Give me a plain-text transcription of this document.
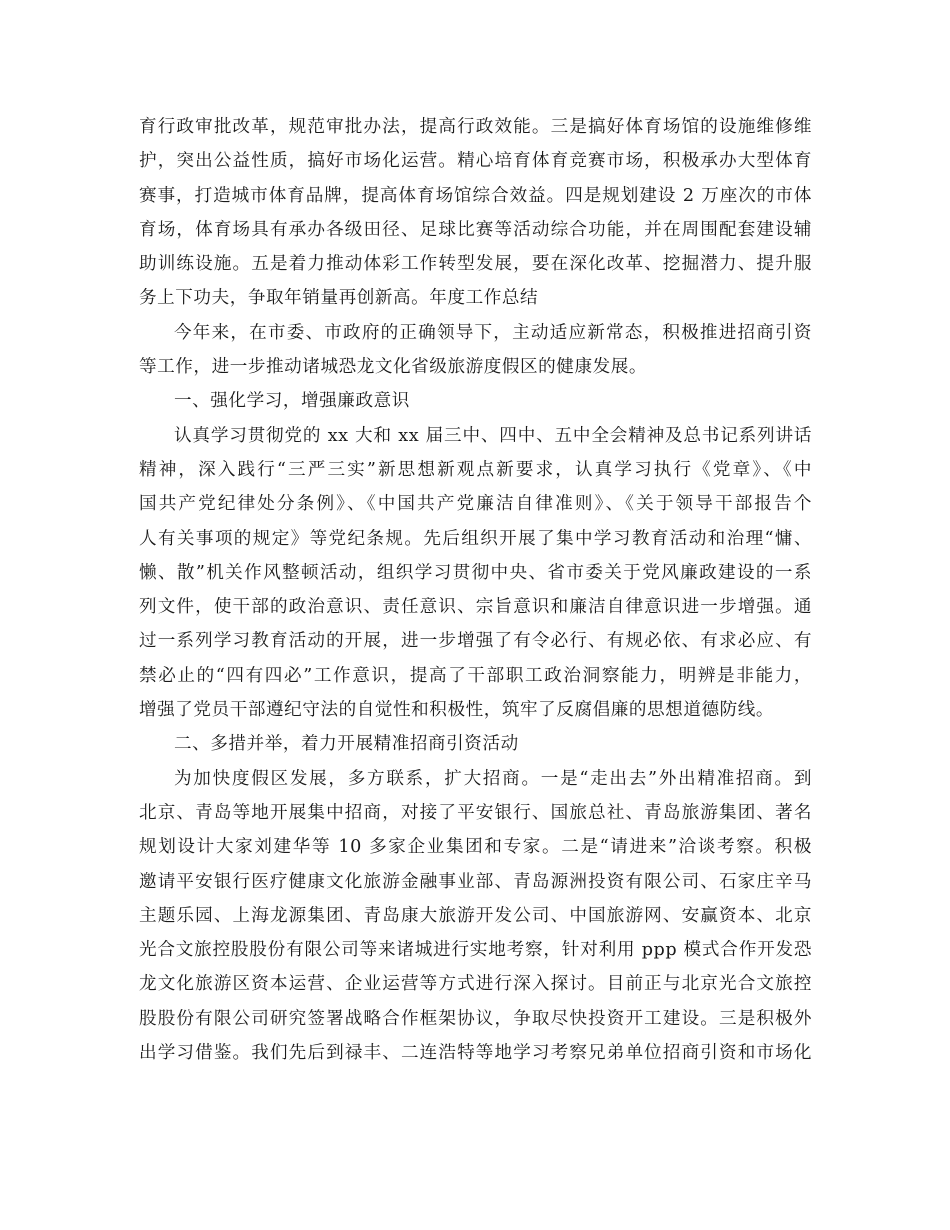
育行政审批改革，规范审批办法，提高行政效能。三是搞好体育场馆的设施维修维
护，突出公益性质，搞好市场化运营。精心培育体育竞赛市场，积极承办大型体育
赛事，打造城市体育品牌，提高体育场馆综合效益。四是规划建设 2 万座次的市体
育场，体育场具有承办各级田径、足球比赛等活动综合功能，并在周围配套建设辅
助训练设施。五是着力推动体彩工作转型发展，要在深化改革、挖掘潜力、提升服
务上下功夫，争取年销量再创新高。年度工作总结
今年来，在市委、市政府的正确领导下，主动适应新常态，积极推进招商引资
等工作，进一步推动诸城恐龙文化省级旅游度假区的健康发展。
一、强化学习，增强廉政意识
认真学习贯彻党的 xx 大和 xx 届三中、四中、五中全会精神及总书记系列讲话
精神，深入践行“三严三实”新思想新观点新要求，认真学习执行《党章》、《中
国共产党纪律处分条例》、《中国共产党廉洁自律准则》、《关于领导干部报告个
人有关事项的规定》等党纪条规。先后组织开展了集中学习教育活动和治理“慵、
懒、散”机关作风整顿活动，组织学习贯彻中央、省市委关于党风廉政建设的一系
列文件，使干部的政治意识、责任意识、宗旨意识和廉洁自律意识进一步增强。通
过一系列学习教育活动的开展，进一步增强了有令必行、有规必依、有求必应、有
禁必止的“四有四必”工作意识，提高了干部职工政治洞察能力，明辨是非能力，
增强了党员干部遵纪守法的自觉性和积极性，筑牢了反腐倡廉的思想道德防线。
二、多措并举，着力开展精准招商引资活动
为加快度假区发展，多方联系，扩大招商。一是“走出去”外出精准招商。到
北京、青岛等地开展集中招商，对接了平安银行、国旅总社、青岛旅游集团、著名
规划设计大家刘建华等 10 多家企业集团和专家。二是“请进来”洽谈考察。积极
邀请平安银行医疗健康文化旅游金融事业部、青岛源洲投资有限公司、石家庄辛马
主题乐园、上海龙源集团、青岛康大旅游开发公司、中国旅游网、安赢资本、北京
光合文旅控股股份有限公司等来诸城进行实地考察，针对利用 ppp 模式合作开发恐
龙文化旅游区资本运营、企业运营等方式进行深入探讨。目前正与北京光合文旅控
股股份有限公司研究签署战略合作框架协议，争取尽快投资开工建设。三是积极外
出学习借鉴。我们先后到禄丰、二连浩特等地学习考察兄弟单位招商引资和市场化
